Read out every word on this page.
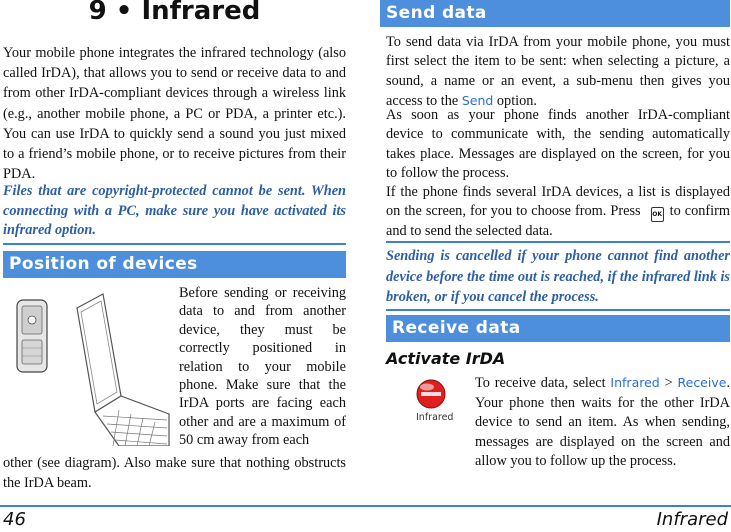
9 • Infrared

Your mobile phone integrates the infrared technology (also called IrDA), that allows you to send or receive data to and from other IrDA-compliant devices through a wireless link (e.g., another mobile phone, a PC or PDA, a printer etc.). You can use IrDA to quickly send a sound you just mixed to a friend’s mobile phone, or to receive pictures from their PDA.

Files that are copyright-protected cannot be sent. When connecting with a PC, make sure you have activated its infrared option.

Position of devices

Before sending or receiving data to and from another device, they must be correctly positioned in relation to your mobile phone. Make sure that the IrDA ports are facing each other and are a maximum of 50 cm away from each

other (see diagram). Also make sure that nothing obstructs the IrDA beam.

Send data

To send data via IrDA from your mobile phone, you must first select the item to be sent: when selecting a picture, a sound, a name or an event, a sub-menu then gives you access to the Send option.

As soon as your phone finds another IrDA-compliant device to communicate with, the sending automatically takes place. Messages are displayed on the screen, for you to follow the process.

If the phone finds several IrDA devices, a list is displayed on the screen, for you to choose from. Press OK to confirm and to send the selected data.

Sending is cancelled if your phone cannot find another device before the time out is reached, if the infrared link is broken, or if you cancel the process.

Receive data
Activate IrDA
Infrared

To receive data, select Infrared > Receive. Your phone then waits for the other IrDA device to send an item. As when sending, messages are displayed on the screen and allow you to follow up the process.

46	Infrared
